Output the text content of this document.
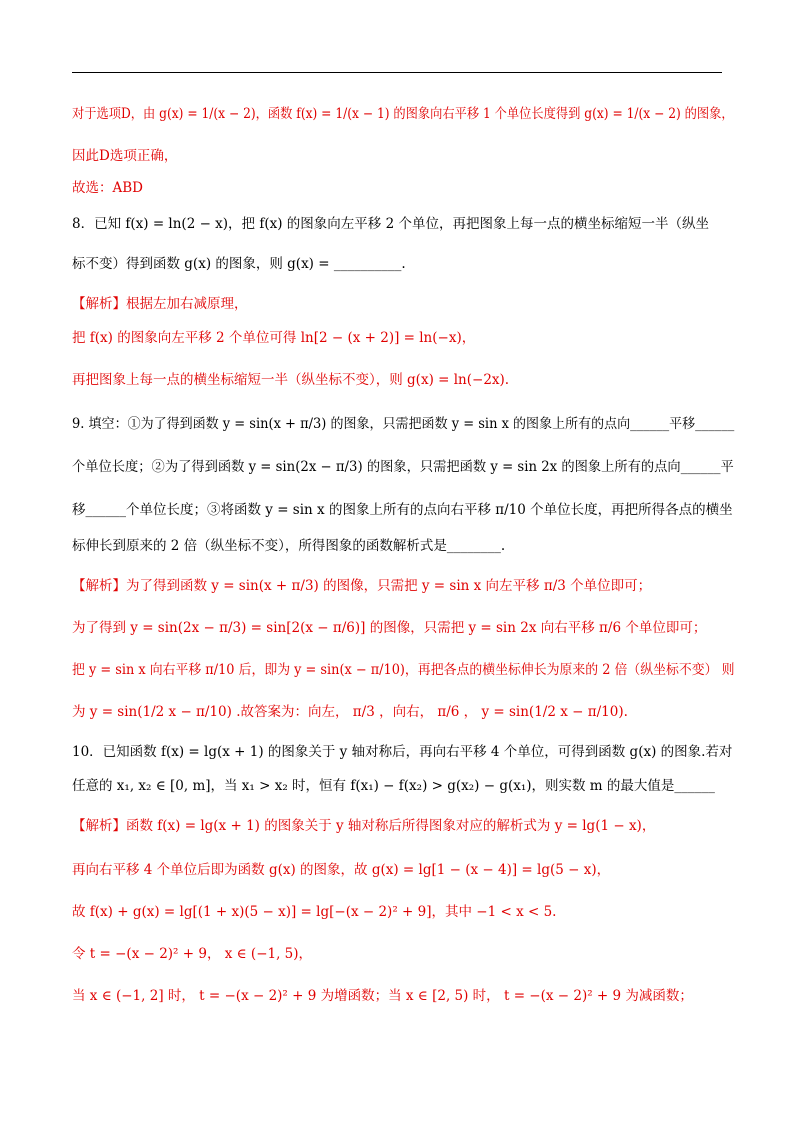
对于选项D，由 g(x) = 1/(x − 2)，函数 f(x) = 1/(x − 1) 的图象向右平移 1 个单位长度得到 g(x) = 1/(x − 2) 的图象，
因此D选项正确，
故选：ABD
8．已知 f(x) = ln(2 − x)，把 f(x) 的图象向左平移 2 个单位，再把图象上每一点的横坐标缩短一半（纵坐
标不变）得到函数 g(x) 的图象，则 g(x) = __________.
【解析】根据左加右减原理，
把 f(x) 的图象向左平移 2 个单位可得 ln[2 − (x + 2)] = ln(−x)，
再把图象上每一点的横坐标缩短一半（纵坐标不变），则 g(x) = ln(−2x).
9. 填空：①为了得到函数 y = sin(x + π/3) 的图象，只需把函数 y = sin x 的图象上所有的点向______平移______
个单位长度；②为了得到函数 y = sin(2x − π/3) 的图象，只需把函数 y = sin 2x 的图象上所有的点向______平
移______个单位长度；③将函数 y = sin x 的图象上所有的点向右平移 π/10 个单位长度，再把所得各点的横坐
标伸长到原来的 2 倍（纵坐标不变），所得图象的函数解析式是________.
【解析】为了得到函数 y = sin(x + π/3) 的图像，只需把 y = sin x 向左平移 π/3 个单位即可；
为了得到 y = sin(2x − π/3) = sin[2(x − π/6)] 的图像，只需把 y = sin 2x 向右平移 π/6 个单位即可；
把 y = sin x 向右平移 π/10 后，即为 y = sin(x − π/10)，再把各点的横坐标伸长为原来的 2 倍（纵坐标不变） 则
为 y = sin(1/2 x − π/10) .故答案为：向左， π/3 ，向右， π/6 ， y = sin(1/2 x − π/10).
10．已知函数 f(x) = lg(x + 1) 的图象关于 y 轴对称后，再向右平移 4 个单位，可得到函数 g(x) 的图象.若对
任意的 x₁, x₂ ∈ [0, m]，当 x₁ > x₂ 时，恒有 f(x₁) − f(x₂) > g(x₂) − g(x₁)，则实数 m 的最大值是______
【解析】函数 f(x) = lg(x + 1) 的图象关于 y 轴对称后所得图象对应的解析式为 y = lg(1 − x)，
再向右平移 4 个单位后即为函数 g(x) 的图象，故 g(x) = lg[1 − (x − 4)] = lg(5 − x)，
故 f(x) + g(x) = lg[(1 + x)(5 − x)] = lg[−(x − 2)² + 9]，其中 −1 < x < 5.
令 t = −(x − 2)² + 9， x ∈ (−1, 5)，
当 x ∈ (−1, 2] 时， t = −(x − 2)² + 9 为增函数；当 x ∈ [2, 5) 时， t = −(x − 2)² + 9 为减函数；
